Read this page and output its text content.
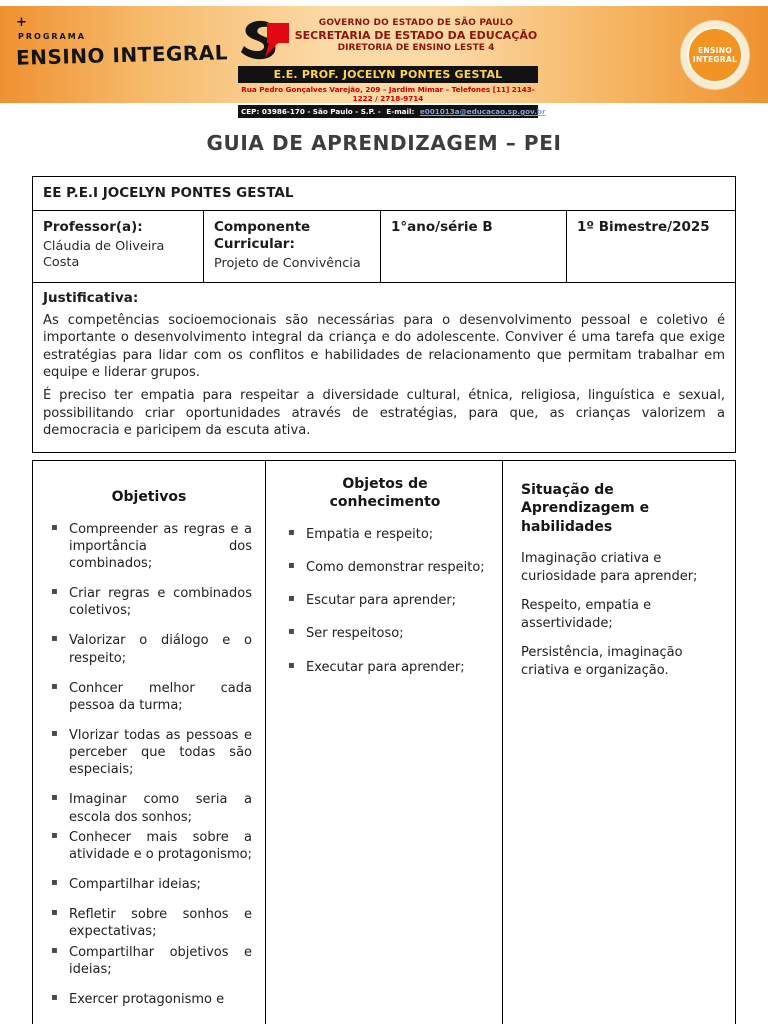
+
PROGRAMA
ENSINO INTEGRAL
GOVERNO DO ESTADO DE SÃO PAULO
SECRETARIA DE ESTADO DA EDUCAÇÃO
DIRETORIA DE ENSINO LESTE 4
E.E. PROF. JOCELYN PONTES GESTAL
Rua Pedro Gonçalves Varejão, 209 – Jardim Mimar – Telefones [11] 2143-1222 / 2718-9714
CEP: 03986-170 - São Paulo - S.P. - E-mail: e001013a@educacao.sp.gov.br
ENSINO
INTEGRAL
GUIA DE APRENDIZAGEM – PEI
EE P.E.I JOCELYN PONTES GESTAL
Professor(a):
Cláudia de Oliveira Costa
Componente Curricular:
Projeto de Convivência
1°ano/série B	1º Bimestre/2025
Justificativa:

As competências socioemocionais são necessárias para o desenvolvimento pessoal e coletivo é importante o desenvolvimento integral da criança e do adolescente. Conviver é uma tarefa que exige estratégias para lidar com os conflitos e habilidades de relacionamento que permitam trabalhar em equipe e liderar grupos.

É preciso ter empatia para respeitar a diversidade cultural, étnica, religiosa, linguística e sexual, possibilitando criar oportunidades através de estratégias, para que, as crianças valorizem a democracia e paricipem da escuta ativa.

Objetivos
▪ Compreender as regras e a importância dos combinados;
▪ Criar regras e combinados coletivos;
▪ Valorizar o diálogo e o respeito;
▪ Conhcer melhor cada pessoa da turma;
▪ Vlorizar todas as pessoas e perceber que todas são especiais;
▪ Imaginar como seria a escola dos sonhos;
▪ Conhecer mais sobre a atividade e o protagonismo;
▪ Compartilhar ideias;
▪ Refletir sobre sonhos e expectativas;
▪ Compartilhar objetivos e ideias;
▪ Exercer protagonismo e
Objetos de conhecimento
▪ Empatia e respeito;
▪ Como demonstrar respeito;
▪ Escutar para aprender;
▪ Ser respeitoso;
▪ Executar para aprender;
Situação de Aprendizagem e habilidades

Imaginação criativa e curiosidade para aprender;

Respeito, empatia e assertividade;

Persistência, imaginação criativa e organização.
